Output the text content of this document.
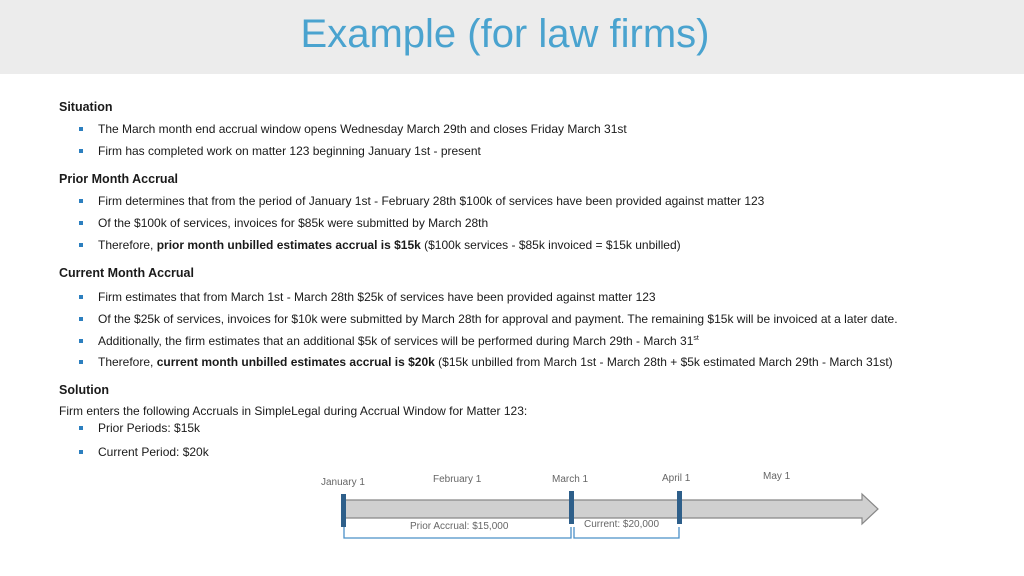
Example (for law firms)
Situation
The March month end accrual window opens Wednesday March 29th and closes Friday March 31st
Firm has completed work on matter 123 beginning January 1st - present
Prior Month Accrual
Firm determines that from the period of January 1st - February 28th $100k of services have been provided against matter 123
Of the $100k of services, invoices for $85k were submitted by March 28th
Therefore, prior month unbilled estimates accrual is $15k ($100k services - $85k invoiced = $15k unbilled)
Current Month Accrual
Firm estimates that from March 1st - March 28th $25k of services have been provided against matter 123
Of the $25k of services, invoices for $10k were submitted by March 28th for approval and payment. The remaining $15k will be invoiced at a later date.
Additionally, the firm estimates that an additional $5k of services will be performed during March 29th - March 31st
Therefore, current month unbilled estimates accrual is $20k ($15k unbilled from March 1st - March 28th + $5k estimated March 29th - March 31st)
Solution
Firm enters the following Accruals in SimpleLegal during Accrual Window for Matter 123:
Prior Periods: $15k
Current Period: $20k
January 1	February 1	March 1	April 1	May 1
Prior Accrual: $15,000	Current: $20,000
